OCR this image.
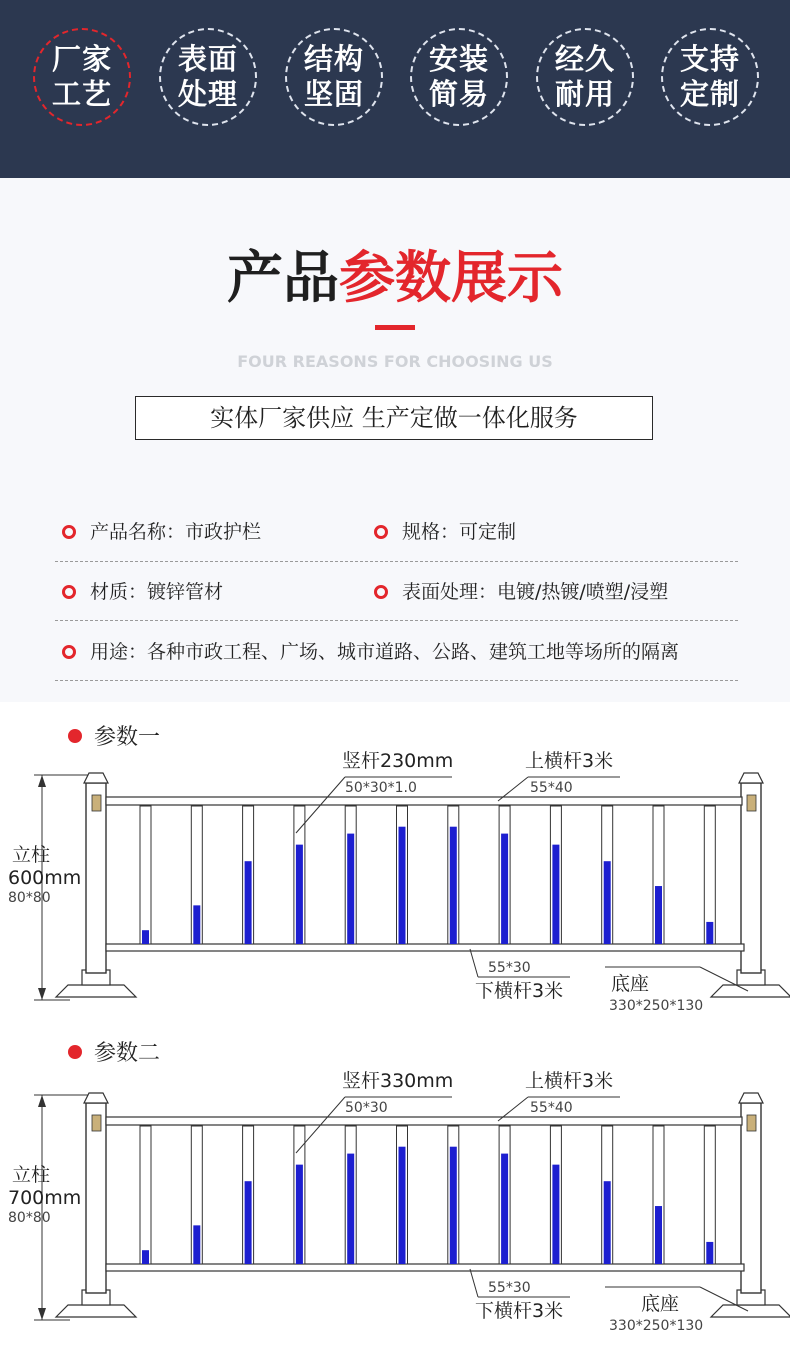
厂家
工艺
表面
处理
结构
坚固
安装
简易
经久
耐用
支持
定制
产品参数展示
FOUR REASONS FOR CHOOSING US
实体厂家供应 生产定做一体化服务
产品名称：市政护栏	规格：可定制
材质：镀锌管材	表面处理：电镀/热镀/喷塑/浸塑
用途：各种市政工程、广场、城市道路、公路、建筑工地等场所的隔离
参数一
竖杆230mm
50*30*1.0
上横杆3米
55*40
立柱
600mm
80*80
55*30
下横杆3米	底座
330*250*130
参数二
竖杆330mm
50*30
上横杆3米
55*40
立柱
700mm
80*80
55*30
下横杆3米	底座
330*250*130
